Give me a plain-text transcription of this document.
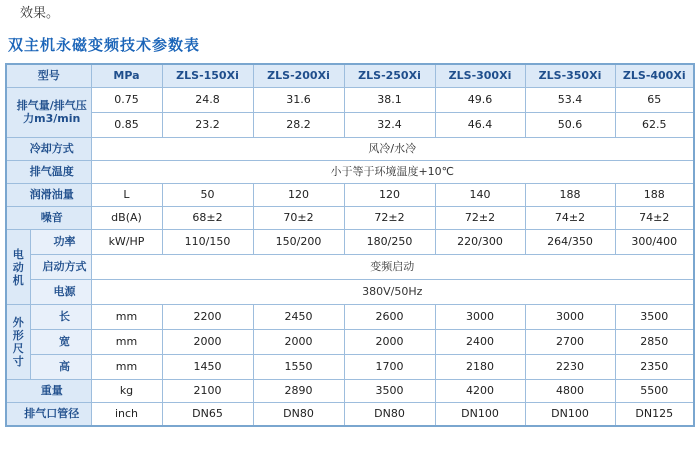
效果。
双主机永磁变频技术参数表
型号		MPa	ZLS-150Xi	ZLS-200Xi	ZLS-250Xi	ZLS-300Xi	ZLS-350Xi	ZLS-400Xi
排气量/排气压力m3/min		0.75	24.8	31.6	38.1	49.6	53.4	65
		0.85	23.2	28.2	32.4	46.4	50.6	62.5
冷却方式		风冷/水冷						
排气温度		小于等于环境温度+10℃						
润滑油量		L	50	120	120	140	188	188
噪音		dB(A)	68±2	70±2	72±2	72±2	74±2	74±2

电动机	功率	kW/HP	110/150	150/200	180/250	220/300	264/350	300/400
	启动方式	变频启动						
	电源	380V/50Hz						

外形尺寸	长	mm	2200	2450	2600	3000	3000	3500
	宽	mm	2000	2000	2000	2400	2700	2850
	高	mm	1450	1550	1700	2180	2230	2350
重量		kg	2100	2890	3500	4200	4800	5500
排气口管径		inch	DN65	DN80	DN80	DN100	DN100	DN125
